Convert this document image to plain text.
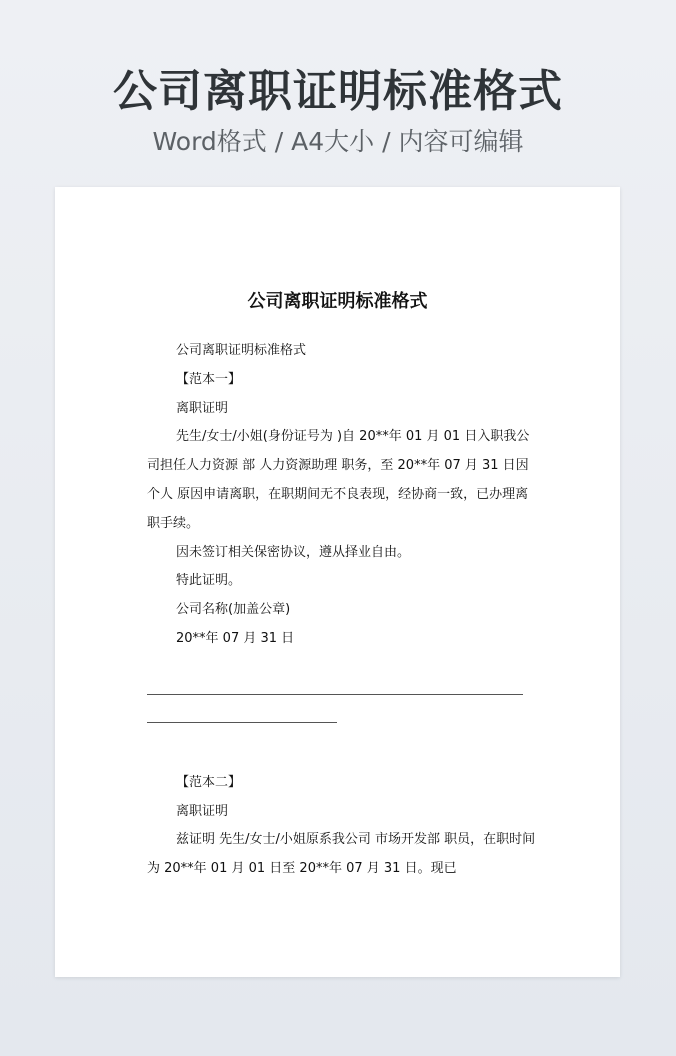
公司离职证明标准格式
Word格式 / A4大小 / 内容可编辑
公司离职证明标准格式

公司离职证明标准格式

【范本一】

离职证明

先生/女士/小姐(身份证号为 )自 20**年 01 月 01 日入职我公司担任人力资源 部 人力资源助理 职务，至 20**年 07 月 31 日因 个人 原因申请离职，在职期间无不良表现，经协商一致，已办理离职手续。

因未签订相关保密协议，遵从择业自由。

特此证明。

公司名称(加盖公章)

20**年 07 月 31 日

【范本二】

离职证明

兹证明 先生/女士/小姐原系我公司 市场开发部 职员，在职时间为 20**年 01 月 01 日至 20**年 07 月 31 日。现已
